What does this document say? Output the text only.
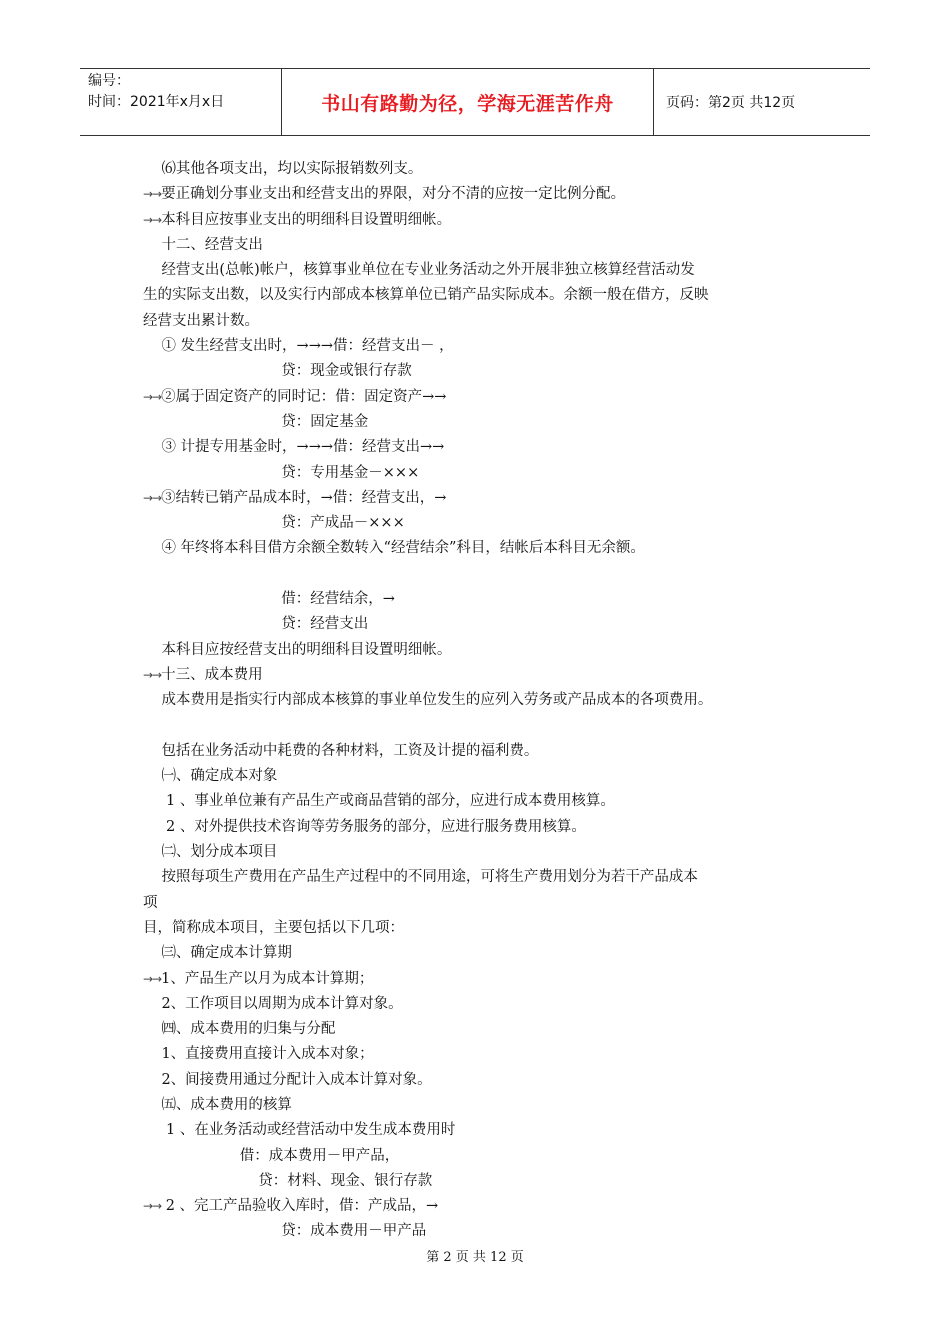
编号：
时间：2021年x月x日	书山有路勤为径，学海无涯苦作舟	页码：第2页 共12页
⑹其他各项支出，均以实际报销数列支。
→→要正确划分事业支出和经营支出的界限，对分不清的应按一定比例分配。
→→本科目应按事业支出的明细科目设置明细帐。
十二、经营支出
经营支出(总帐)帐户，核算事业单位在专业业务活动之外开展非独立核算经营活动发
生的实际支出数，以及实行内部成本核算单位已销产品实际成本。余额一般在借方，反映
经营支出累计数。
① 发生经营支出时，→→→借：经营支出－ ，
贷：现金或银行存款
→→②属于固定资产的同时记：借：固定资产→→
贷：固定基金
③ 计提专用基金时，→→→借：经营支出→→
贷：专用基金－×××
→→③结转已销产品成本时，→借：经营支出，→
贷：产成品－×××
④ 年终将本科目借方余额全数转入“经营结余”科目，结帐后本科目无余额。
借：经营结余，→
贷：经营支出
本科目应按经营支出的明细科目设置明细帐。
→→十三、成本费用
成本费用是指实行内部成本核算的事业单位发生的应列入劳务或产品成本的各项费用。
包括在业务活动中耗费的各种材料，工资及计提的福利费。
㈠、确定成本对象
1 、事业单位兼有产品生产或商品营销的部分，应进行成本费用核算。
2 、对外提供技术咨询等劳务服务的部分，应进行服务费用核算。
㈡、划分成本项目
按照每项生产费用在产品生产过程中的不同用途，可将生产费用划分为若干产品成本
项
目，简称成本项目，主要包括以下几项：
㈢、确定成本计算期
→→1、产品生产以月为成本计算期；
2、工作项目以周期为成本计算对象。
㈣、成本费用的归集与分配
1、直接费用直接计入成本对象；
2、间接费用通过分配计入成本计算对象。
㈤、成本费用的核算
1 、在业务活动或经营活动中发生成本费用时
借：成本费用－甲产品，
贷：材料、现金、银行存款
→→ 2 、完工产品验收入库时，借：产成品，→
贷：成本费用－甲产品
第 2 页 共 12 页
